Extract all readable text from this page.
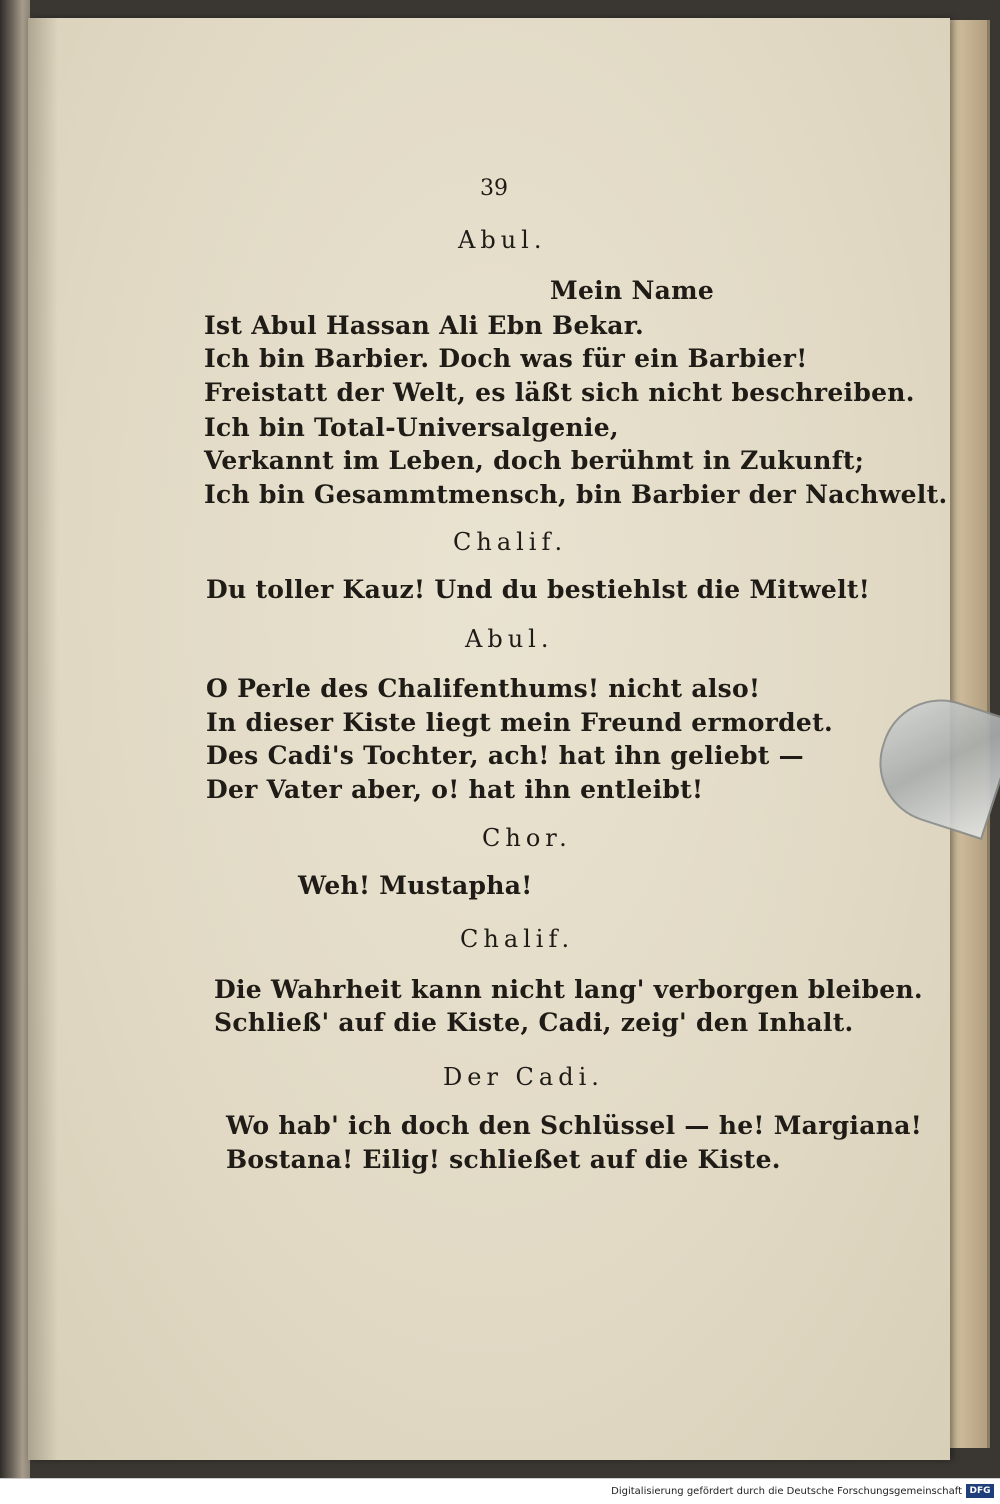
39
Abul.
Mein Name
Ist Abul Hassan Ali Ebn Bekar.
Ich bin Barbier. Doch was für ein Barbier!
Freistatt der Welt, es läßt sich nicht beschreiben.
Ich bin Total-Universalgenie,
Verkannt im Leben, doch berühmt in Zukunft;
Ich bin Gesammtmensch, bin Barbier der Nachwelt.
Chalif.
Du toller Kauz! Und du bestiehlst die Mitwelt!
Abul.
O Perle des Chalifenthums! nicht also!
In dieser Kiste liegt mein Freund ermordet.
Des Cadi's Tochter, ach! hat ihn geliebt —
Der Vater aber, o! hat ihn entleibt!
Chor.
Weh! Mustapha!
Chalif.
Die Wahrheit kann nicht lang' verborgen bleiben.
Schließ' auf die Kiste, Cadi, zeig' den Inhalt.
Der Cadi.
Wo hab' ich doch den Schlüssel — he! Margiana!
Bostana! Eilig! schließet auf die Kiste.
Digitalisierung gefördert durch die Deutsche Forschungsgemeinschaft DFG
